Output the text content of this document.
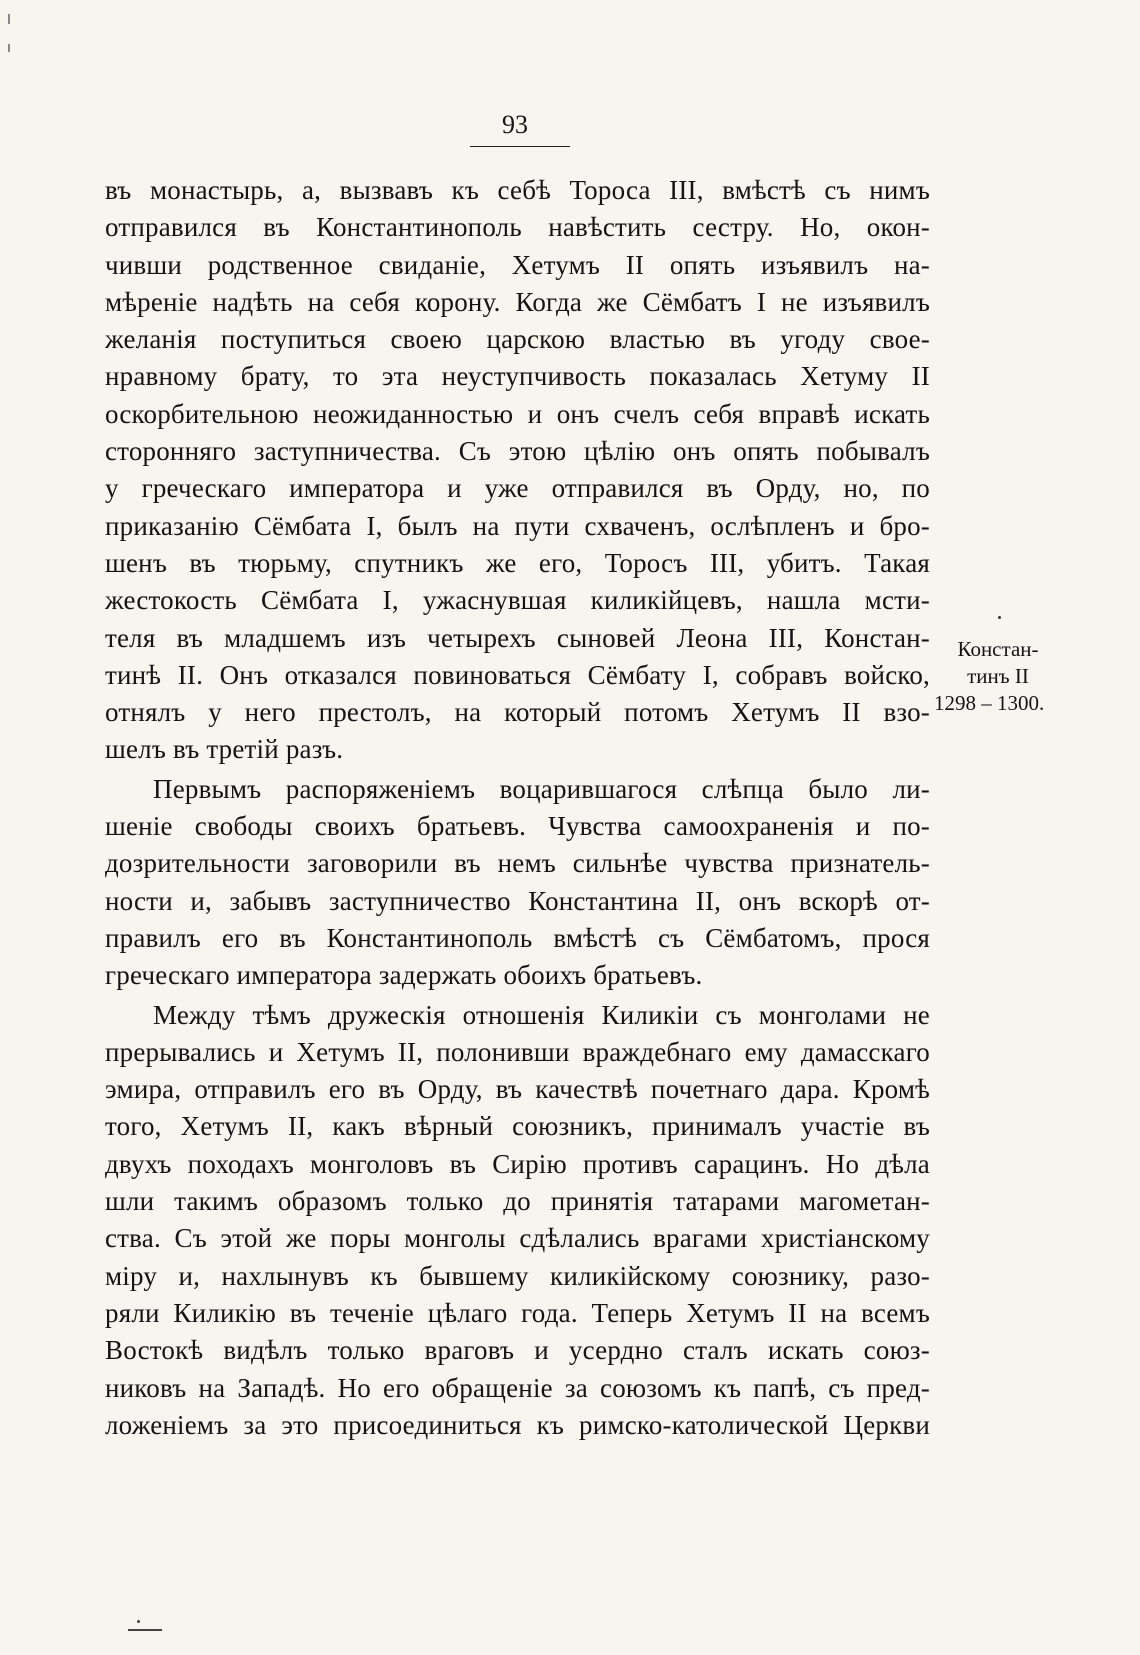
93
въ монастырь, а, вызвавъ къ себѣ Тороса III, вмѣстѣ съ нимъ
отправился въ Константинополь навѣстить сестру. Но, окон-
чивши родственное свиданіе, Хетумъ II опять изъявилъ на-
мѣреніе надѣть на себя корону. Когда же Сёмбатъ I не изъявилъ
желанія поступиться своею царскою властью въ угоду свое-
нравному брату, то эта неуступчивость показалась Хетуму II
оскорбительною неожиданностью и онъ счелъ себя вправѣ искать
сторонняго заступничества. Съ этою цѣлію онъ опять побывалъ
у греческаго императора и уже отправился въ Орду, но, по
приказанію Сёмбата I, былъ на пути схваченъ, ослѣпленъ и бро-
шенъ въ тюрьму, спутникъ же его, Торосъ III, убитъ. Такая
жестокость Сёмбата I, ужаснувшая киликійцевъ, нашла мсти-
теля въ младшемъ изъ четырехъ сыновей Леона III, Констан-
тинѣ II. Онъ отказался повиноваться Сёмбату I, собравъ войско,
отнялъ у него престолъ, на который потомъ Хетумъ II взо-
шелъ въ третій разъ.
Первымъ распоряженіемъ воцарившагося слѣпца было ли-
шеніе свободы своихъ братьевъ. Чувства самоохраненія и по-
дозрительности заговорили въ немъ сильнѣе чувства признатель-
ности и, забывъ заступничество Константина II, онъ вскорѣ от-
правилъ его въ Константинополь вмѣстѣ съ Сёмбатомъ, прося
греческаго императора задержать обоихъ братьевъ.
Между тѣмъ дружескія отношенія Киликіи съ монголами не
прерывались и Хетумъ II, полонивши враждебнаго ему дамасскаго
эмира, отправилъ его въ Орду, въ качествѣ почетнаго дара. Кромѣ
того, Хетумъ II, какъ вѣрный союзникъ, принималъ участіе въ
двухъ походахъ монголовъ въ Сирію противъ сарацинъ. Но дѣла
шли такимъ образомъ только до принятія татарами магометан-
ства. Съ этой же поры монголы сдѣлались врагами христіанскому
міру и, нахлынувъ къ бывшему киликійскому союзнику, разо-
ряли Киликію въ теченіе цѣлаго года. Теперь Хетумъ II на всемъ
Востокѣ видѣлъ только враговъ и усердно сталъ искать союз-
никовъ на Западѣ. Но его обращеніе за союзомъ къ папѣ, съ пред-
ложеніемъ за это присоединиться къ римско-католической Церкви
Констан-
тинъ II
1298 – 1300.
